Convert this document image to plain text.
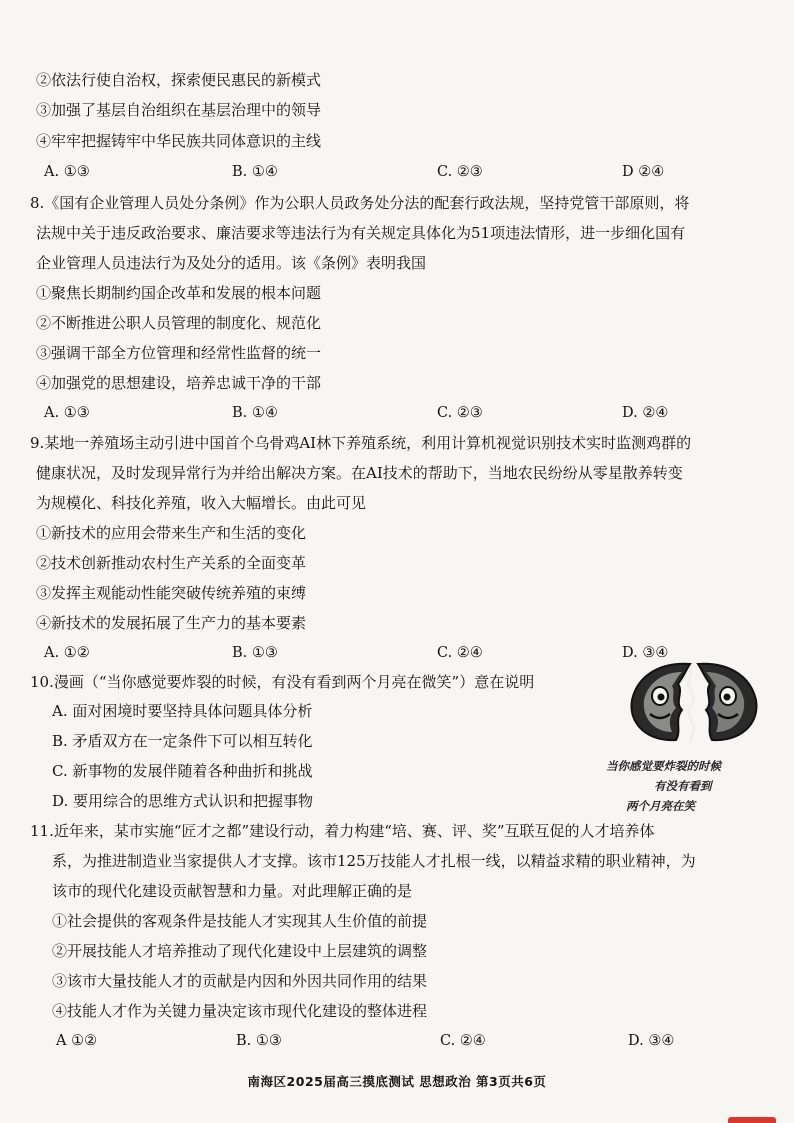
②依法行使自治权，探索便民惠民的新模式
③加强了基层自治组织在基层治理中的领导
④牢牢把握铸牢中华民族共同体意识的主线
A. ①③	B. ①④	C. ②③	D ②④
8.《国有企业管理人员处分条例》作为公职人员政务处分法的配套行政法规，坚持党管干部原则，将
法规中关于违反政治要求、廉洁要求等违法行为有关规定具体化为51项违法情形，进一步细化国有
企业管理人员违法行为及处分的适用。该《条例》表明我国
①聚焦长期制约国企改革和发展的根本问题
②不断推进公职人员管理的制度化、规范化
③强调干部全方位管理和经常性监督的统一
④加强党的思想建设，培养忠诚干净的干部
A. ①③	B. ①④	C. ②③	D. ②④
9.某地一养殖场主动引进中国首个乌骨鸡AI林下养殖系统，利用计算机视觉识别技术实时监测鸡群的
健康状况，及时发现异常行为并给出解决方案。在AI技术的帮助下，当地农民纷纷从零星散养转变
为规模化、科技化养殖，收入大幅增长。由此可见
①新技术的应用会带来生产和生活的变化
②技术创新推动农村生产关系的全面变革
③发挥主观能动性能突破传统养殖的束缚
④新技术的发展拓展了生产力的基本要素
A. ①②	B. ①③	C. ②④	D. ③④
10.漫画（“当你感觉要炸裂的时候，有没有看到两个月亮在微笑”）意在说明
A. 面对困境时要坚持具体问题具体分析
B. 矛盾双方在一定条件下可以相互转化
C. 新事物的发展伴随着各种曲折和挑战
D. 要用综合的思维方式认识和把握事物
当你感觉要炸裂的时候
有没有看到
两个月亮在笑
11.近年来，某市实施“匠才之都”建设行动，着力构建“培、赛、评、奖”互联互促的人才培养体
系，为推进制造业当家提供人才支撑。该市125万技能人才扎根一线，以精益求精的职业精神，为
该市的现代化建设贡献智慧和力量。对此理解正确的是
①社会提供的客观条件是技能人才实现其人生价值的前提
②开展技能人才培养推动了现代化建设中上层建筑的调整
③该市大量技能人才的贡献是内因和外因共同作用的结果
④技能人才作为关键力量决定该市现代化建设的整体进程
A ①②	B. ①③	C. ②④	D. ③④
南海区2025届高三摸底测试 思想政治 第3页共6页
